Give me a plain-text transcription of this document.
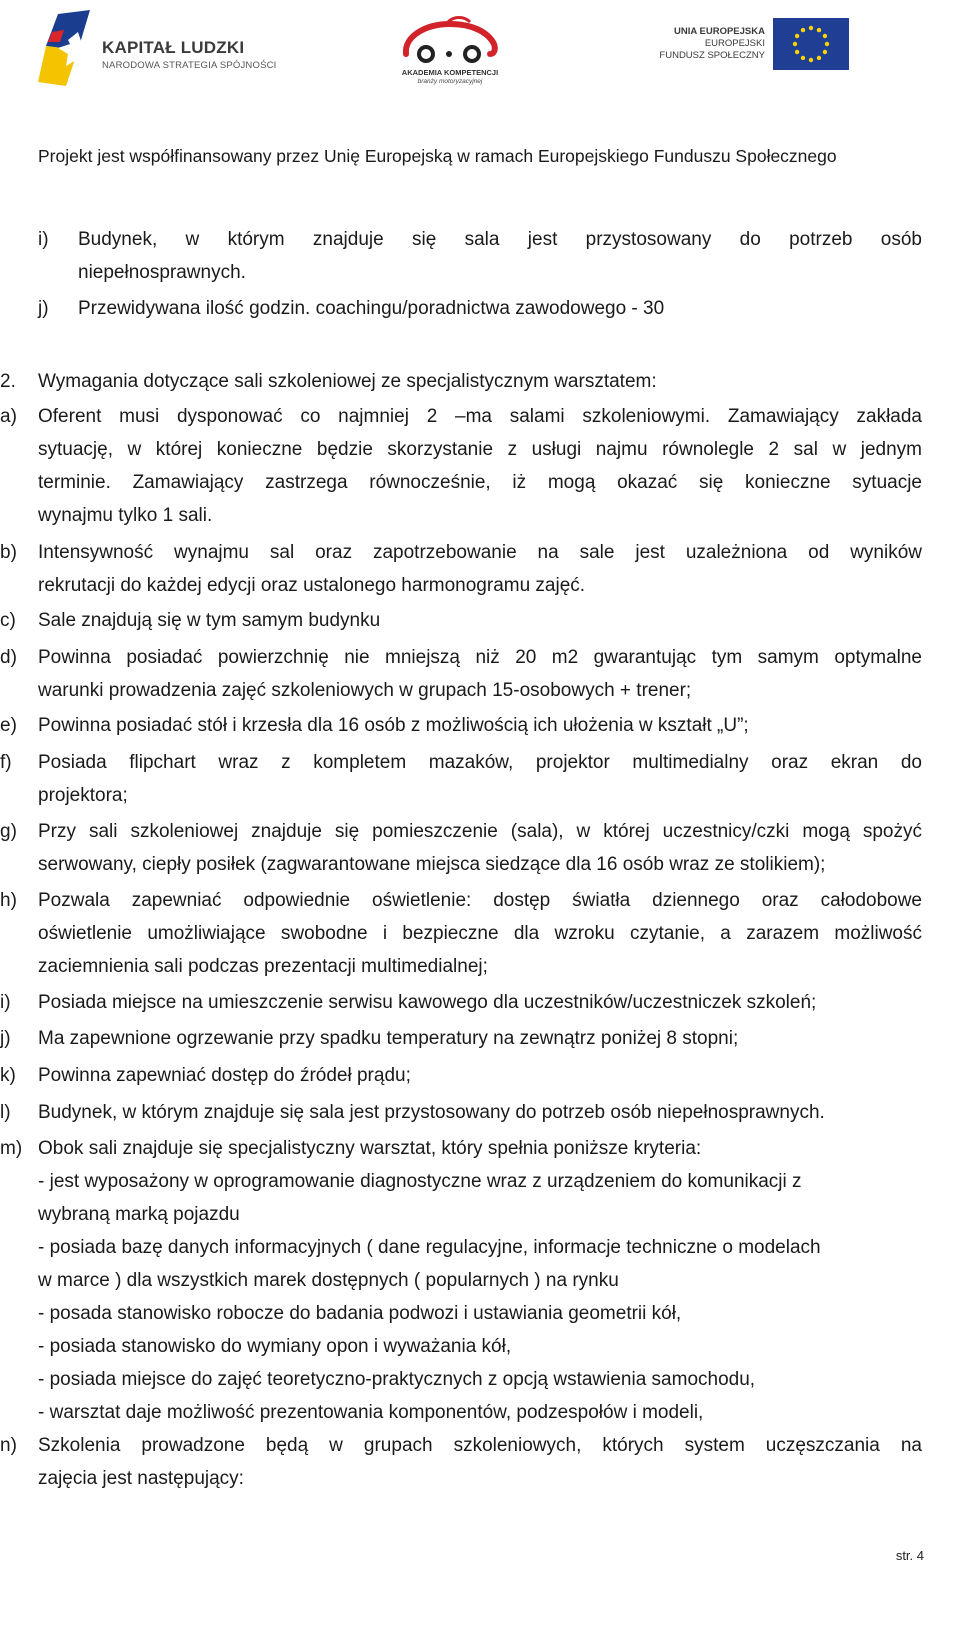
KAPITAŁ LUDZKI
NARODOWA STRATEGIA SPÓJNOŚCI
AKADEMIA KOMPETENCJI
branży motoryzacyjnej
UNIA EUROPEJSKA
EUROPEJSKI
FUNDUSZ SPOŁECZNY
Projekt jest współfinansowany przez Unię Europejską w ramach Europejskiego Funduszu Społecznego
i)	Budynek, w którym znajduje się sala jest przystosowany do potrzeb osób
niepełnosprawnych.
j)	Przewidywana ilość godzin. coachingu/poradnictwa zawodowego - 30
2.	Wymagania dotyczące sali szkoleniowej ze specjalistycznym warsztatem:
a)	Oferent musi dysponować co najmniej 2 –ma salami szkoleniowymi. Zamawiający zakłada
sytuację, w której konieczne będzie skorzystanie z usługi najmu równolegle 2 sal w jednym
terminie. Zamawiający zastrzega równocześnie, iż mogą okazać się konieczne sytuacje
wynajmu tylko 1 sali.
b)	Intensywność wynajmu sal oraz zapotrzebowanie na sale jest uzależniona od wyników
rekrutacji do każdej edycji oraz ustalonego harmonogramu zajęć.
c)	Sale znajdują się w tym samym budynku
d)	Powinna posiadać powierzchnię nie mniejszą niż 20 m2 gwarantując tym samym optymalne
warunki prowadzenia zajęć szkoleniowych w grupach 15-osobowych + trener;
e)	Powinna posiadać stół i krzesła dla 16 osób z możliwością ich ułożenia w kształt „U”;
f)	Posiada flipchart wraz z kompletem mazaków, projektor multimedialny oraz ekran do
projektora;
g)	Przy sali szkoleniowej znajduje się pomieszczenie (sala), w której uczestnicy/czki mogą spożyć
serwowany, ciepły posiłek (zagwarantowane miejsca siedzące dla 16 osób wraz ze stolikiem);
h)	Pozwala zapewniać odpowiednie oświetlenie: dostęp światła dziennego oraz całodobowe
oświetlenie umożliwiające swobodne i bezpieczne dla wzroku czytanie, a zarazem możliwość
zaciemnienia sali podczas prezentacji multimedialnej;
i)	Posiada miejsce na umieszczenie serwisu kawowego dla uczestników/uczestniczek szkoleń;
j)	Ma zapewnione ogrzewanie przy spadku temperatury na zewnątrz poniżej 8 stopni;
k)	Powinna zapewniać dostęp do źródeł prądu;
l)	Budynek, w którym znajduje się sala jest przystosowany do potrzeb osób niepełnosprawnych.
m) Obok sali znajduje się specjalistyczny warsztat, który spełnia poniższe kryteria:
- jest wyposażony w oprogramowanie diagnostyczne wraz z urządzeniem do komunikacji z
wybraną marką pojazdu
- posiada bazę danych informacyjnych ( dane regulacyjne, informacje techniczne o modelach
w marce ) dla wszystkich marek dostępnych ( popularnych ) na rynku
- posada stanowisko robocze do badania podwozi i ustawiania geometrii kół,
- posiada stanowisko do wymiany opon i wyważania kół,
- posiada miejsce do zajęć teoretyczno-praktycznych z opcją wstawienia samochodu,
- warsztat daje możliwość prezentowania komponentów, podzespołów i modeli,
n)	Szkolenia prowadzone będą w grupach szkoleniowych, których system uczęszczania na
zajęcia jest następujący:
str. 4
